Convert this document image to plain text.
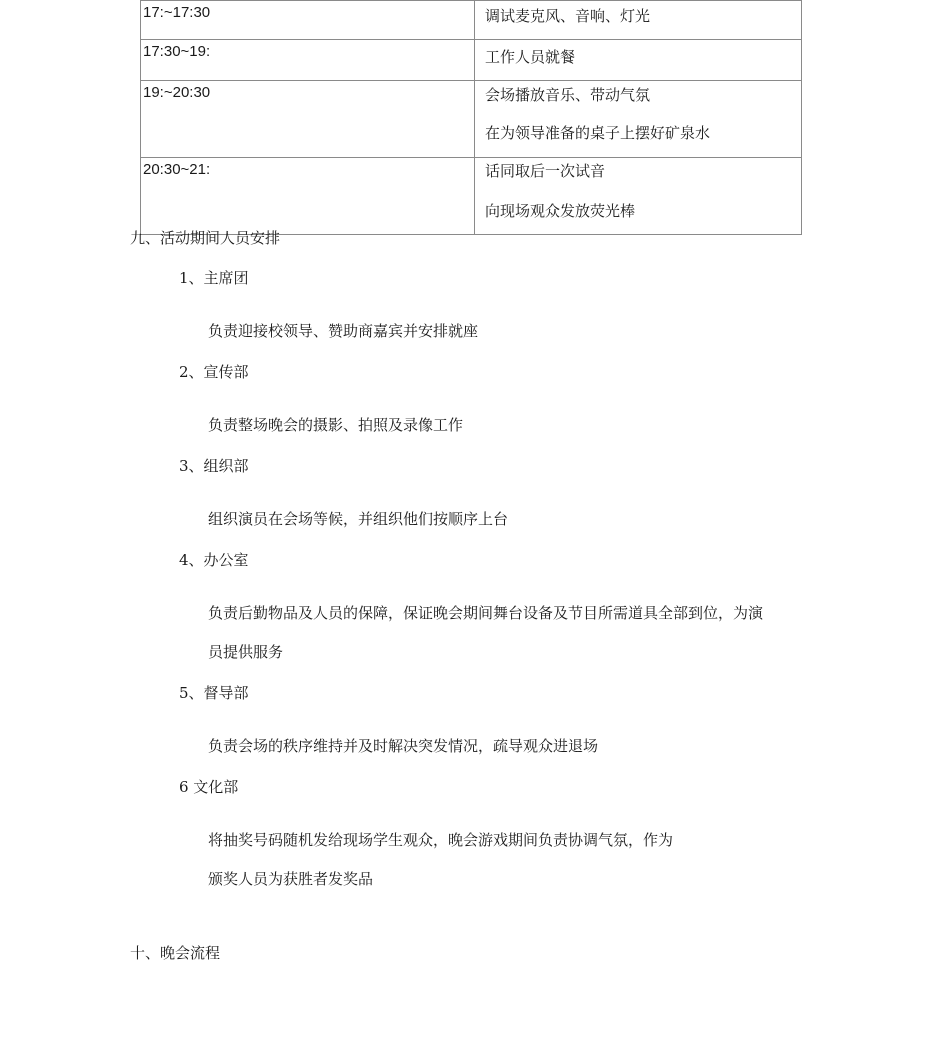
17:~17:30	调试麦克风、音响、灯光

17:30~19:	工作人员就餐

19:~20:30	会场播放音乐、带动气氛
在为领导准备的桌子上摆好矿泉水

20:30~21:	话同取后一次试音
向现场观众发放荧光棒
九、活动期间人员安排
1、主席团
负责迎接校领导、赞助商嘉宾并安排就座
2、宣传部
负责整场晚会的摄影、拍照及录像工作
3、组织部
组织演员在会场等候，并组织他们按顺序上台
4、办公室
负责后勤物品及人员的保障，保证晚会期间舞台设备及节目所需道具全部到位，为演
员提供服务
5、督导部
负责会场的秩序维持并及时解决突发情况，疏导观众进退场
6 文化部
将抽奖号码随机发给现场学生观众，晚会游戏期间负责协调气氛，作为
颁奖人员为获胜者发奖品
十、晚会流程
